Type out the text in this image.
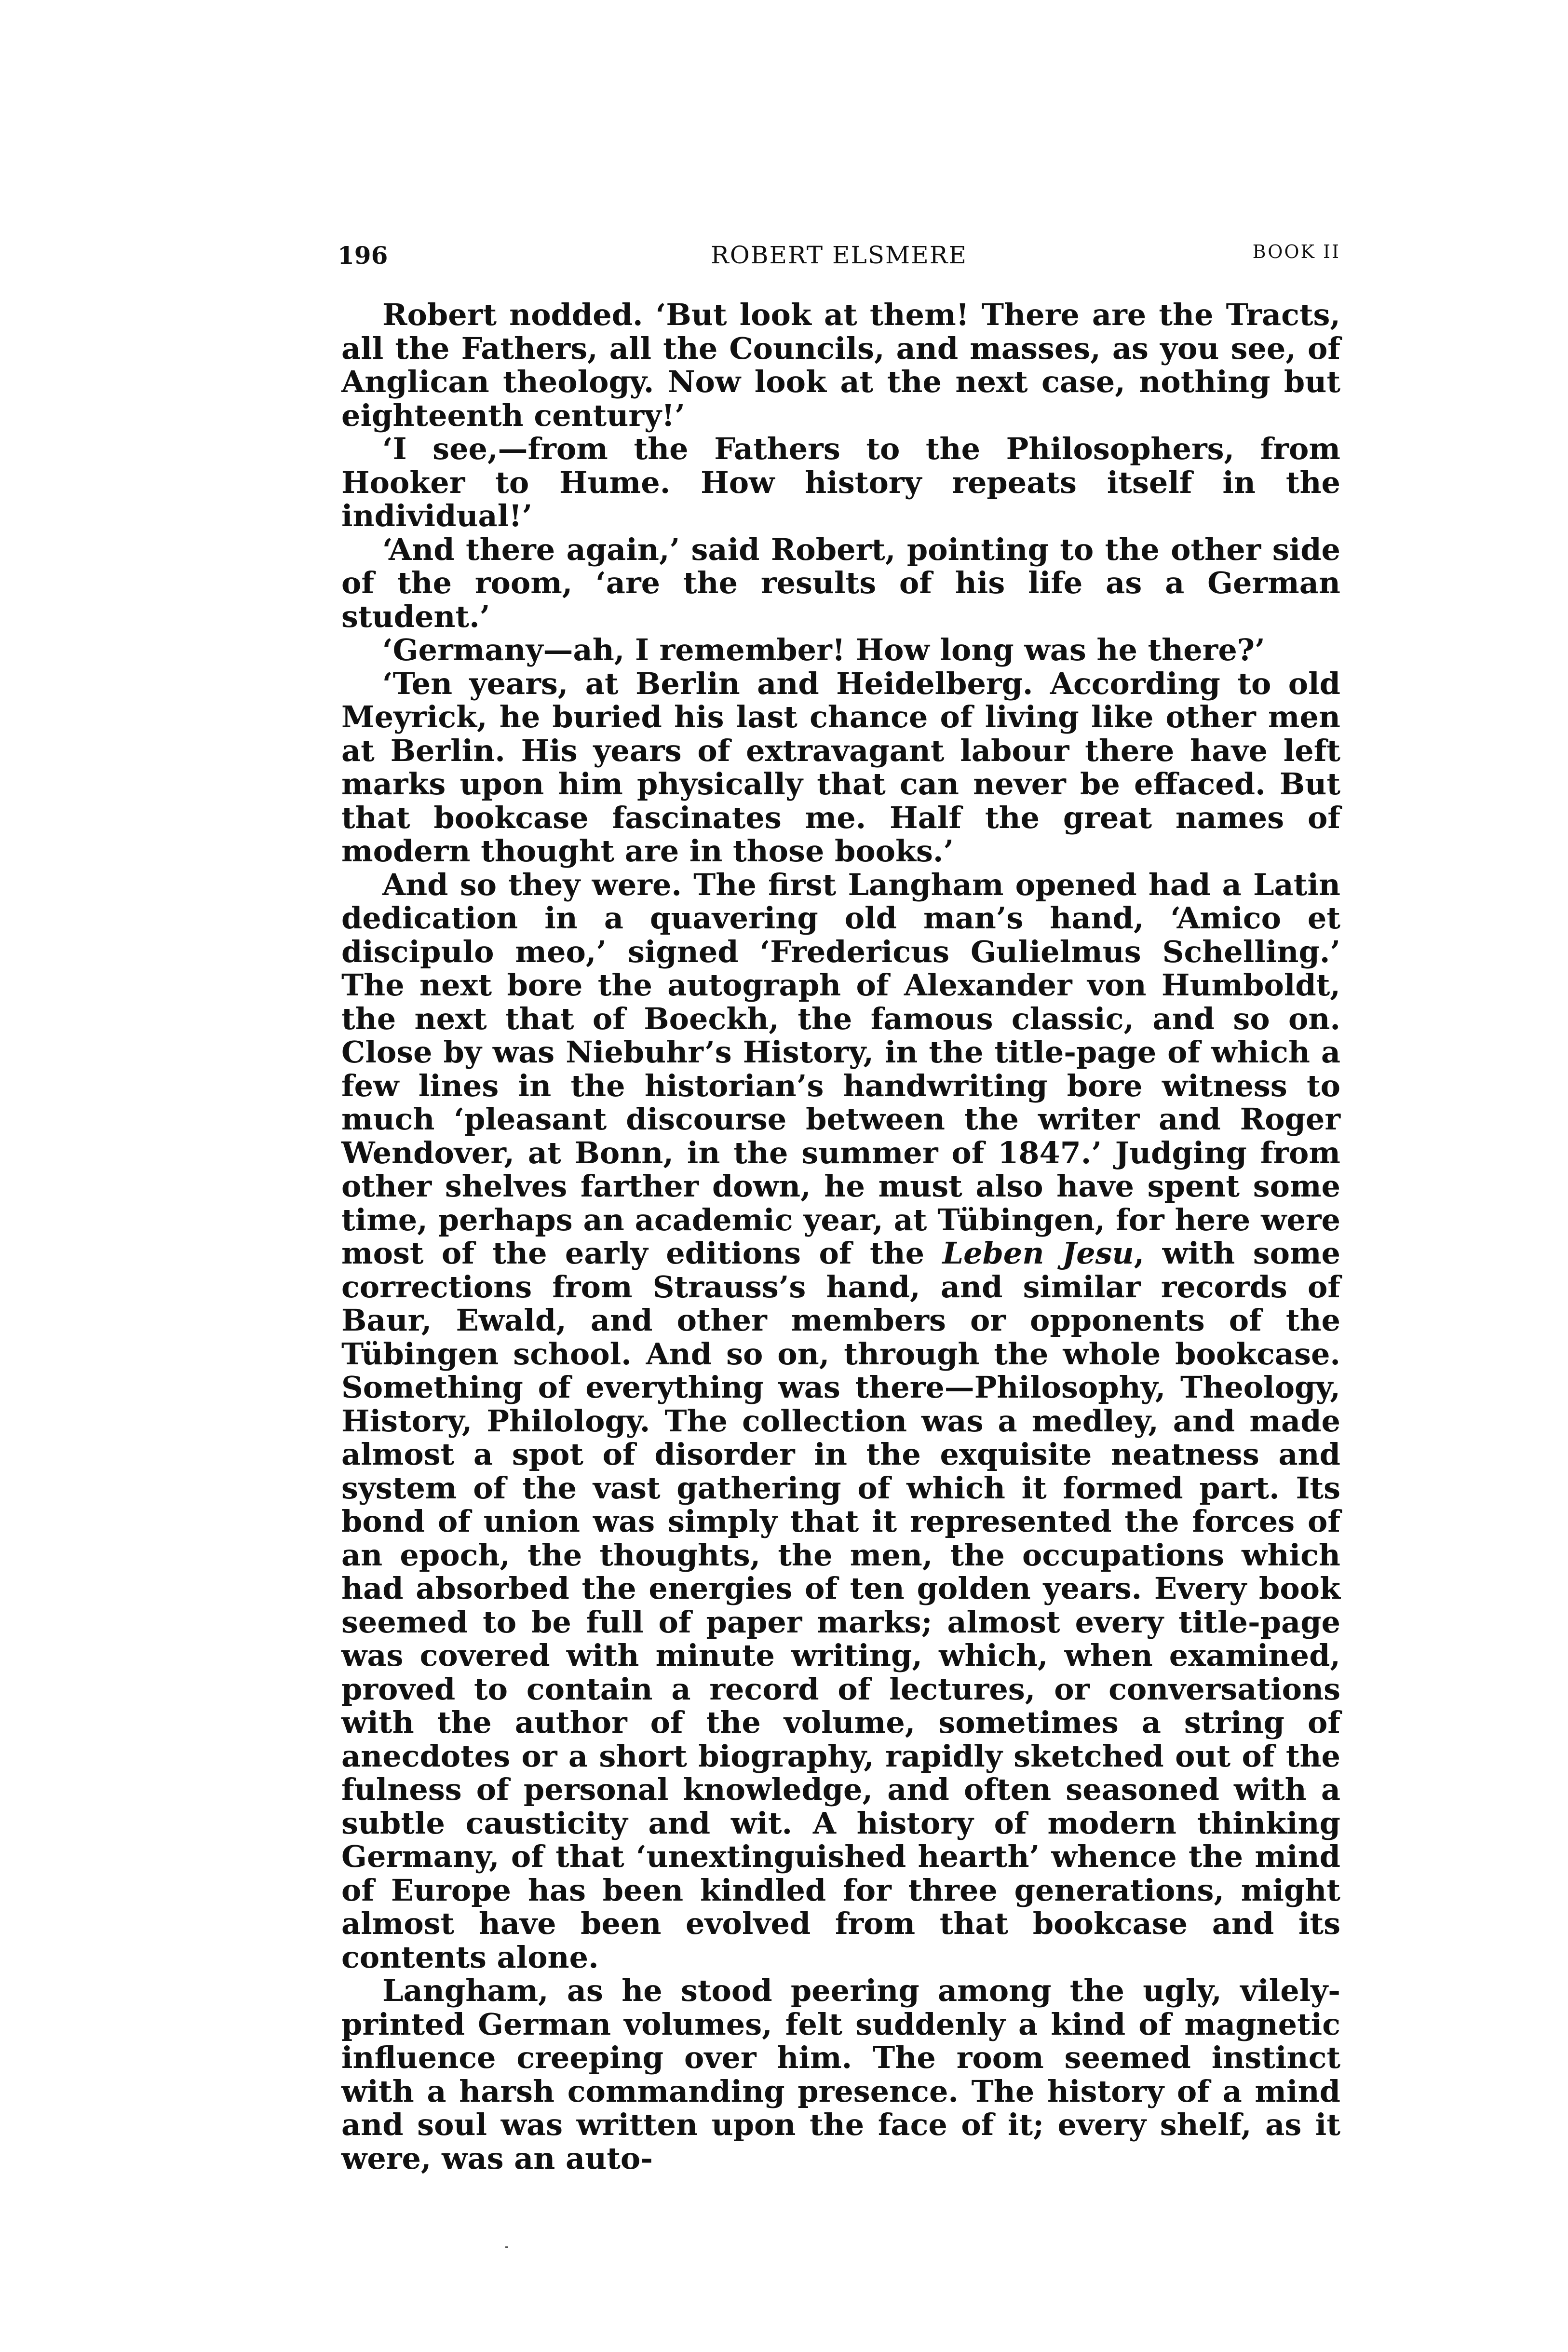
196	ROBERT ELSMERE	BOOK II

Robert nodded. ‘But look at them! There are the Tracts, all the Fathers, all the Councils, and masses, as you see, of Anglican theology. Now look at the next case, nothing but eighteenth century!’

‘I see,—from the Fathers to the Philosophers, from Hooker to Hume. How history repeats itself in the individual!’

‘And there again,’ said Robert, pointing to the other side of the room, ‘are the results of his life as a German student.’

‘Germany—ah, I remember! How long was he there?’

‘Ten years, at Berlin and Heidelberg. According to old Meyrick, he buried his last chance of living like other men at Berlin. His years of extravagant labour there have left marks upon him physically that can never be effaced. But that bookcase fascinates me. Half the great names of modern thought are in those books.’

And so they were. The first Langham opened had a Latin dedication in a quavering old man’s hand, ‘Amico et discipulo meo,’ signed ‘Fredericus Gulielmus Schelling.’ The next bore the autograph of Alexander von Humboldt, the next that of Boeckh, the famous classic, and so on. Close by was Niebuhr’s History, in the title-page of which a few lines in the historian’s handwriting bore witness to much ‘pleasant discourse between the writer and Roger Wendover, at Bonn, in the summer of 1847.’ Judging from other shelves farther down, he must also have spent some time, perhaps an academic year, at Tübingen, for here were most of the early editions of the Leben Jesu, with some corrections from Strauss’s hand, and similar records of Baur, Ewald, and other members or opponents of the Tübingen school. And so on, through the whole bookcase. Something of everything was there—Philosophy, Theology, History, Philology. The collection was a medley, and made almost a spot of disorder in the exquisite neatness and system of the vast gathering of which it formed part. Its bond of union was simply that it represented the forces of an epoch, the thoughts, the men, the occupations which had absorbed the energies of ten golden years. Every book seemed to be full of paper marks; almost every title-page was covered with minute writing, which, when examined, proved to contain a record of lectures, or conversations with the author of the volume, sometimes a string of anecdotes or a short biography, rapidly sketched out of the fulness of personal knowledge, and often seasoned with a subtle causticity and wit. A history of modern thinking Germany, of that ‘unextinguished hearth’ whence the mind of Europe has been kindled for three generations, might almost have been evolved from that bookcase and its contents alone.

Langham, as he stood peering among the ugly, vilely-printed German volumes, felt suddenly a kind of magnetic influence creeping over him. The room seemed instinct with a harsh commanding presence. The history of a mind and soul was written upon the face of it; every shelf, as it were, was an auto-
